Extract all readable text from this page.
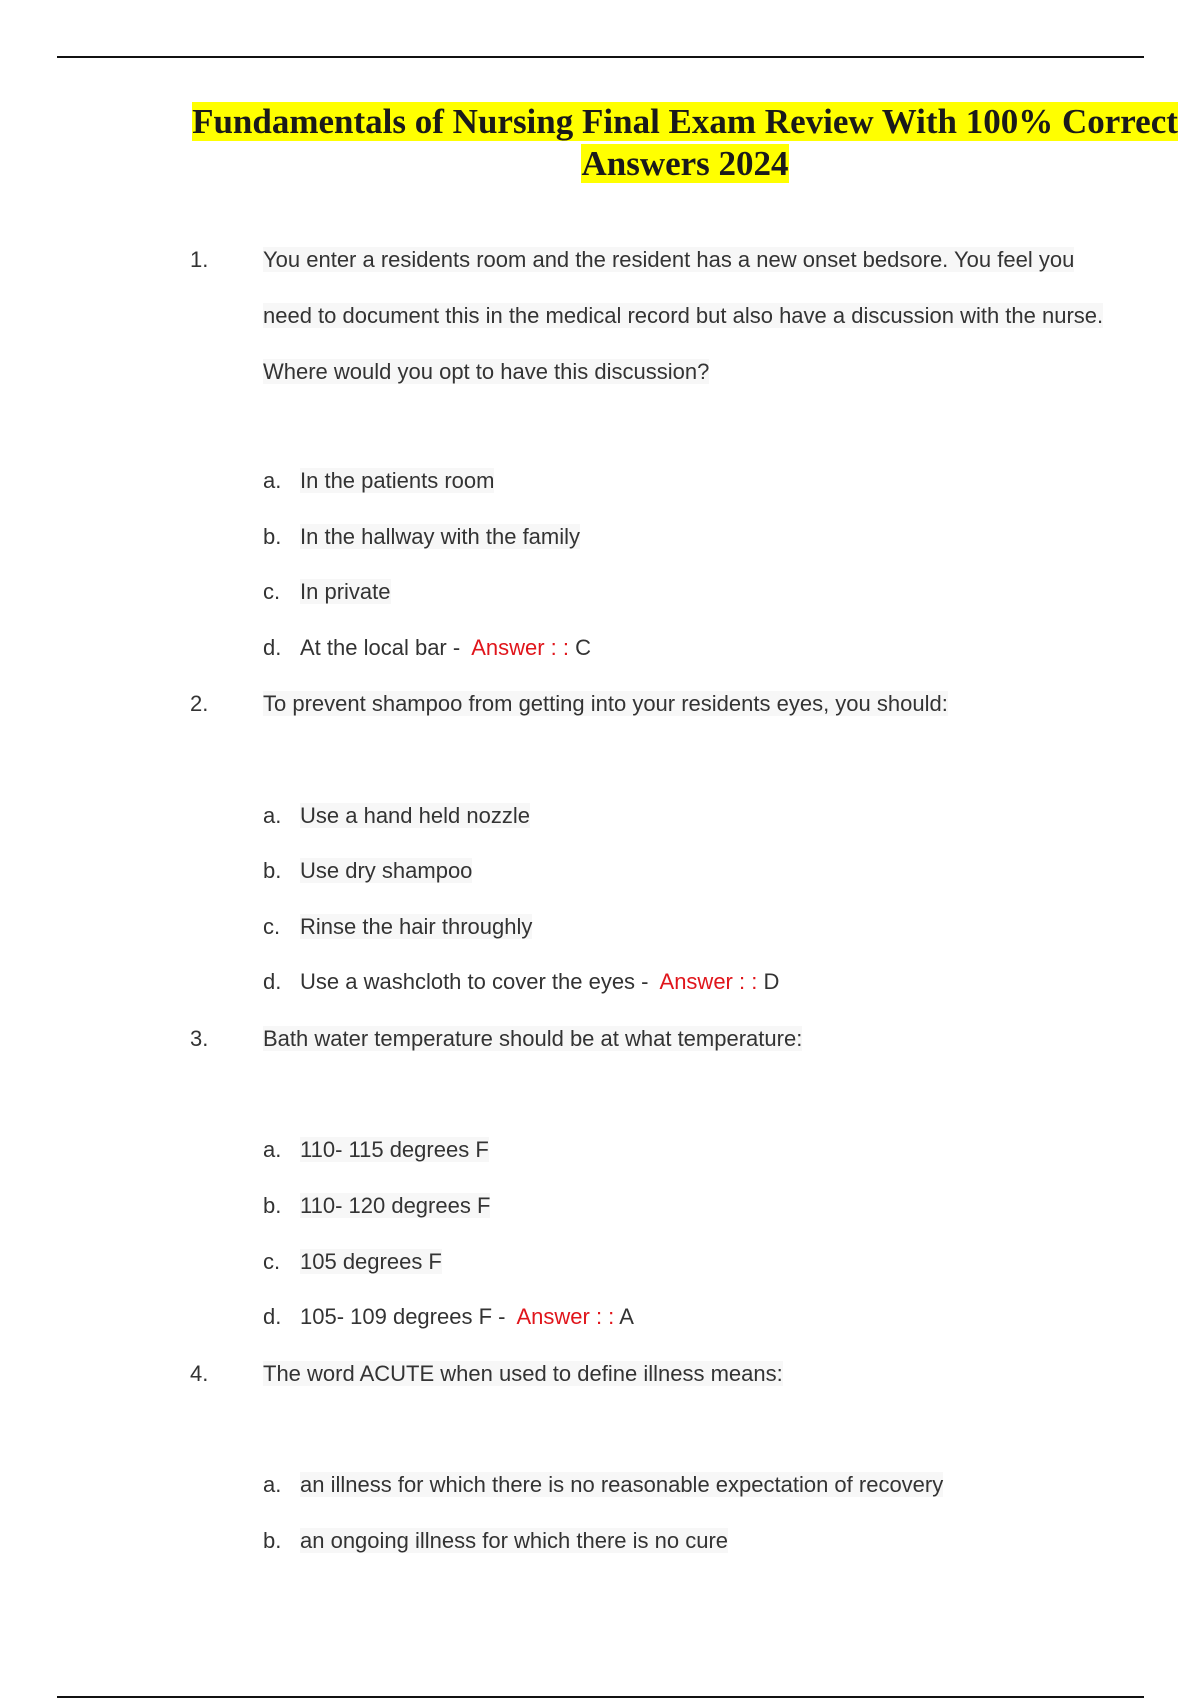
Fundamentals of Nursing Final Exam Review With 100% Correct
Answers 2024
1. You enter a residents room and the resident has a new onset bedsore. You feel you
need to document this in the medical record but also have a discussion with the nurse.
Where would you opt to have this discussion?
a. In the patients room
b. In the hallway with the family
c. In private
d. At the local bar - Answer : : C
2. To prevent shampoo from getting into your residents eyes, you should:
a. Use a hand held nozzle
b. Use dry shampoo
c. Rinse the hair throughly
d. Use a washcloth to cover the eyes - Answer : : D
3. Bath water temperature should be at what temperature:
a. 110- 115 degrees F
b. 110- 120 degrees F
c. 105 degrees F
d. 105- 109 degrees F - Answer : : A
4. The word ACUTE when used to define illness means:
a. an illness for which there is no reasonable expectation of recovery
b. an ongoing illness for which there is no cure
